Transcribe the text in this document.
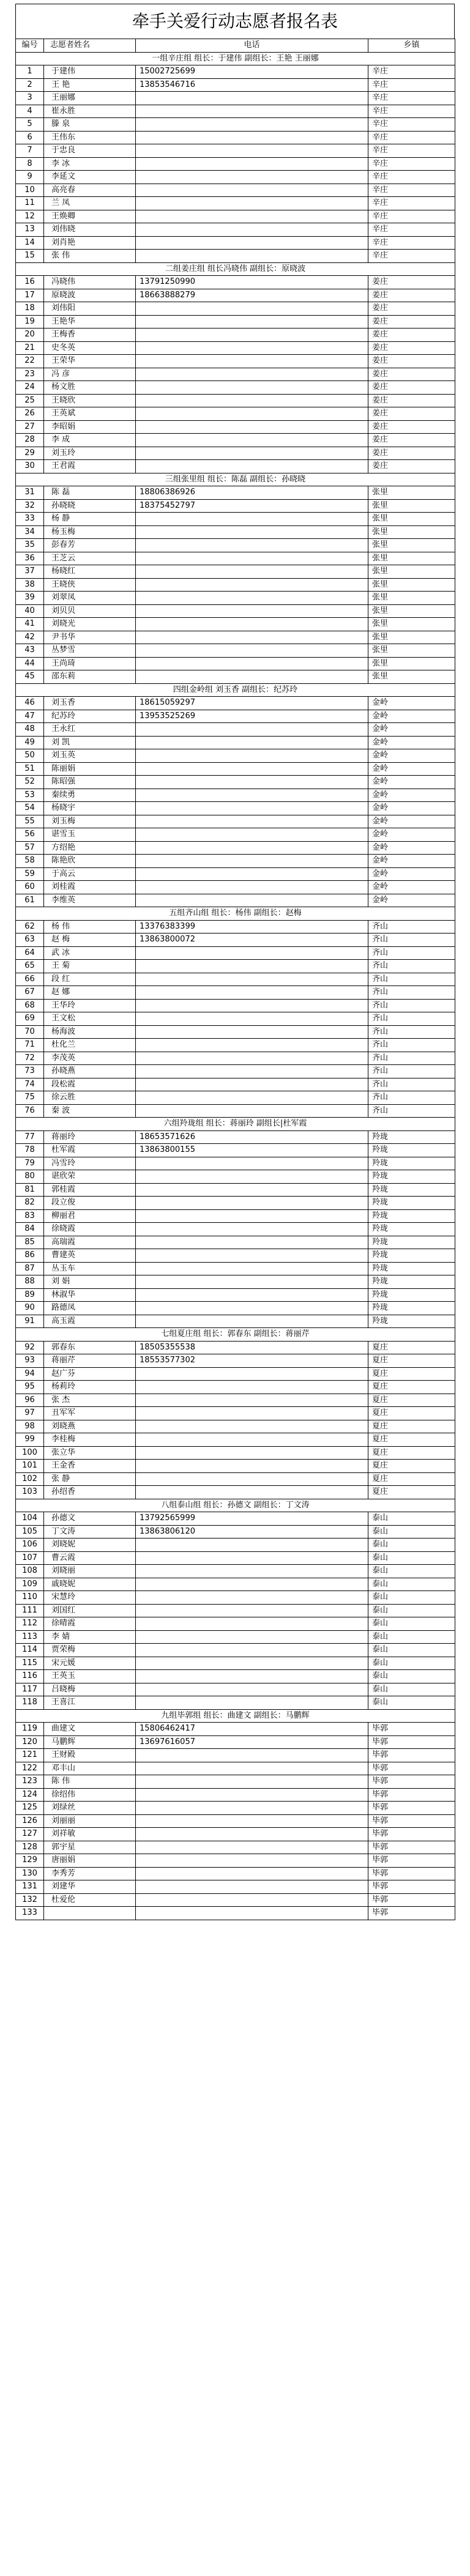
牵手关爱行动志愿者报名表
编号	志愿者姓名	电话	乡镇
一组辛庄组 组长：于建伟 副组长：王艳 王丽娜			
1	于建伟	15002725699	辛庄
2	王 艳	13853546716	辛庄
3	王丽娜		辛庄
4	崔永胜		辛庄
5	滕 泉		辛庄
6	王伟东		辛庄
7	于忠良		辛庄
8	李 冰		辛庄
9	李延文		辛庄
10	高亮春		辛庄
11	兰 凤		辛庄
12	王焕卿		辛庄
13	刘伟晓		辛庄
14	刘肖艳		辛庄
15	张 伟		辛庄
二组姜庄组 组长冯晓伟 副组长：原晓波			
16	冯晓伟	13791250990	姜庄
17	原晓波	18663888279	姜庄
18	刘伟阳		姜庄
19	王艳华		姜庄
20	王梅香		姜庄
21	史冬英		姜庄
22	王荣华		姜庄
23	冯 彦		姜庄
24	杨文胜		姜庄
25	王晓欣		姜庄
26	王英斌		姜庄
27	李昭娟		姜庄
28	李 成		姜庄
29	刘玉玲		姜庄
30	王君霞		姜庄
三组张里组 组长：陈磊 副组长：孙晓晓			
31	陈 磊	18806386926	张里
32	孙晓晓	18375452797	张里
33	杨 静		张里
34	杨玉梅		张里
35	彭春芳		张里
36	王芝云		张里
37	杨晓红		张里
38	王晓侠		张里
39	刘翠凤		张里
40	刘贝贝		张里
41	刘晓光		张里
42	尹书华		张里
43	丛梦雪		张里
44	王尚琦		张里
45	邵东莉		张里
四组金岭组 刘玉香 副组长：纪苏玲			
46	刘玉香	18615059297	金岭
47	纪苏玲	13953525269	金岭
48	王永红		金岭
49	刘 凯		金岭
50	刘玉英		金岭
51	陈丽娟		金岭
52	陈昭强		金岭
53	秦续勇		金岭
54	杨晓宇		金岭
55	刘玉梅		金岭
56	谌雪玉		金岭
57	方绍艳		金岭
58	陈艳欣		金岭
59	于高云		金岭
60	刘桂霞		金岭
61	李维英		金岭
五组齐山组 组长：杨伟 副组长：赵梅			
62	杨 伟	13376383399	齐山
63	赵 梅	13863800072	齐山
64	武 冰		齐山
65	王 菊		齐山
66	段 红		齐山
67	赵 娜		齐山
68	王华玲		齐山
69	王文松		齐山
70	杨海波		齐山
71	杜化兰		齐山
72	李茂英		齐山
73	孙晓燕		齐山
74	段松霞		齐山
75	徐云胜		齐山
76	秦 波		齐山
六组羚珑组 组长：蒋丽玲 副组长|杜军霞			
77	蒋丽玲	18653571626	羚珑
78	杜军霞	13863800155	羚珑
79	冯雪玲		羚珑
80	谌欣荣		羚珑
81	郭桂霞		羚珑
82	段立俊		羚珑
83	柳丽君		羚珑
84	徐晓霞		羚珑
85	高瑞霞		羚珑
86	曹建英		羚珑
87	丛玉车		羚珑
88	刘 娟		羚珑
89	林淑华		羚珑
90	路德凤		羚珑
91	高玉霞		羚珑
七组夏庄组 组长：郭春东 副组长：蒋丽芹			
92	郭春东	18505355538	夏庄
93	蒋丽芹	18553577302	夏庄
94	赵广芬		夏庄
95	杨莉玲		夏庄
96	张 杰		夏庄
97	丑军军		夏庄
98	刘晓燕		夏庄
99	李桂梅		夏庄
100	张立华		夏庄
101	王金香		夏庄
102	张 静		夏庄
103	孙绍香		夏庄
八组泰山组 组长：孙德文 副组长：丁文涛			
104	孙德文	13792565999	泰山
105	丁文涛	13863806120	泰山
106	刘晓妮		泰山
107	曹云霞		泰山
108	刘晓丽		泰山
109	戚晓妮		泰山
110	宋慧玲		泰山
111	刘国红		泰山
112	徐晴霞		泰山
113	李 婧		泰山
114	贾荣梅		泰山
115	宋元媛		泰山
116	王英玉		泰山
117	吕晓梅		泰山
118	王喜江		泰山
九组毕郭组 组长：曲建文 副组长：马鹏辉			
119	曲建文	15806462417	毕郭
120	马鹏辉	13697616057	毕郭
121	王财殿		毕郭
122	邓丰山		毕郭
123	陈 伟		毕郭
124	徐绍伟		毕郭
125	刘绿丝		毕郭
126	刘丽丽		毕郭
127	刘祥敏		毕郭
128	郭宇星		毕郭
129	唐丽娟		毕郭
130	李秀芳		毕郭
131	刘建华		毕郭
132	杜爱伦		毕郭
133			毕郭
